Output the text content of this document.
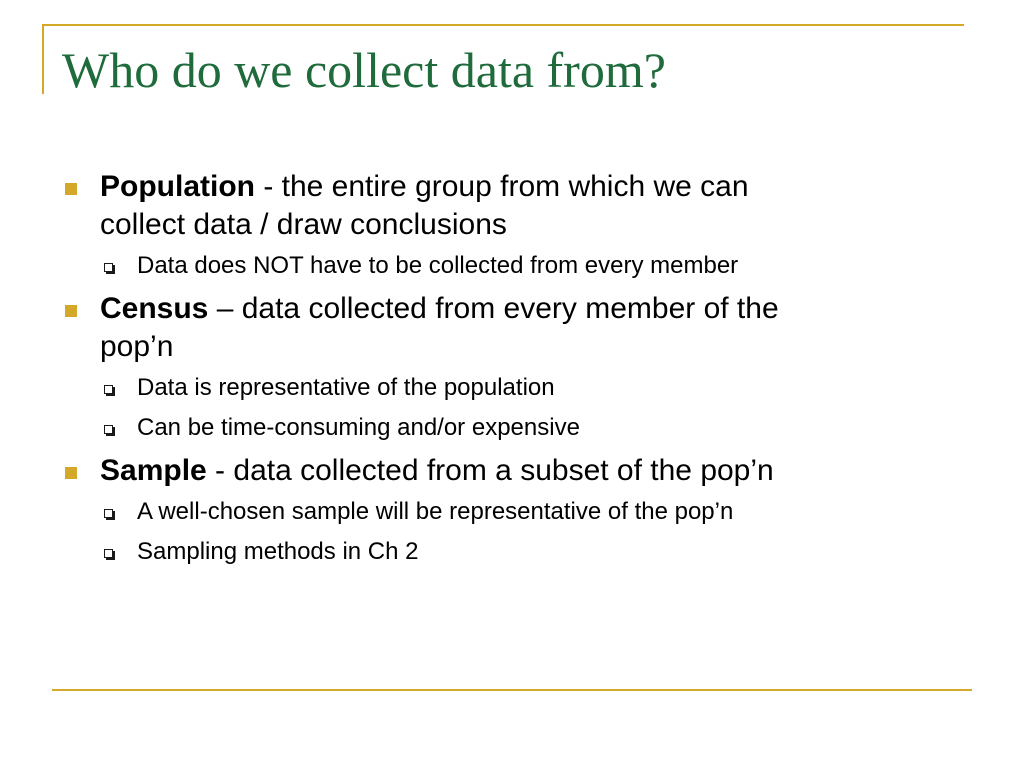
Who do we collect data from?
Population - the entire group from which we can
collect data / draw conclusions
Data does NOT have to be collected from every member
Census – data collected from every member of the
pop’n
Data is representative of the population
Can be time-consuming and/or expensive
Sample - data collected from a subset of the pop’n
A well-chosen sample will be representative of the pop’n
Sampling methods in Ch 2
